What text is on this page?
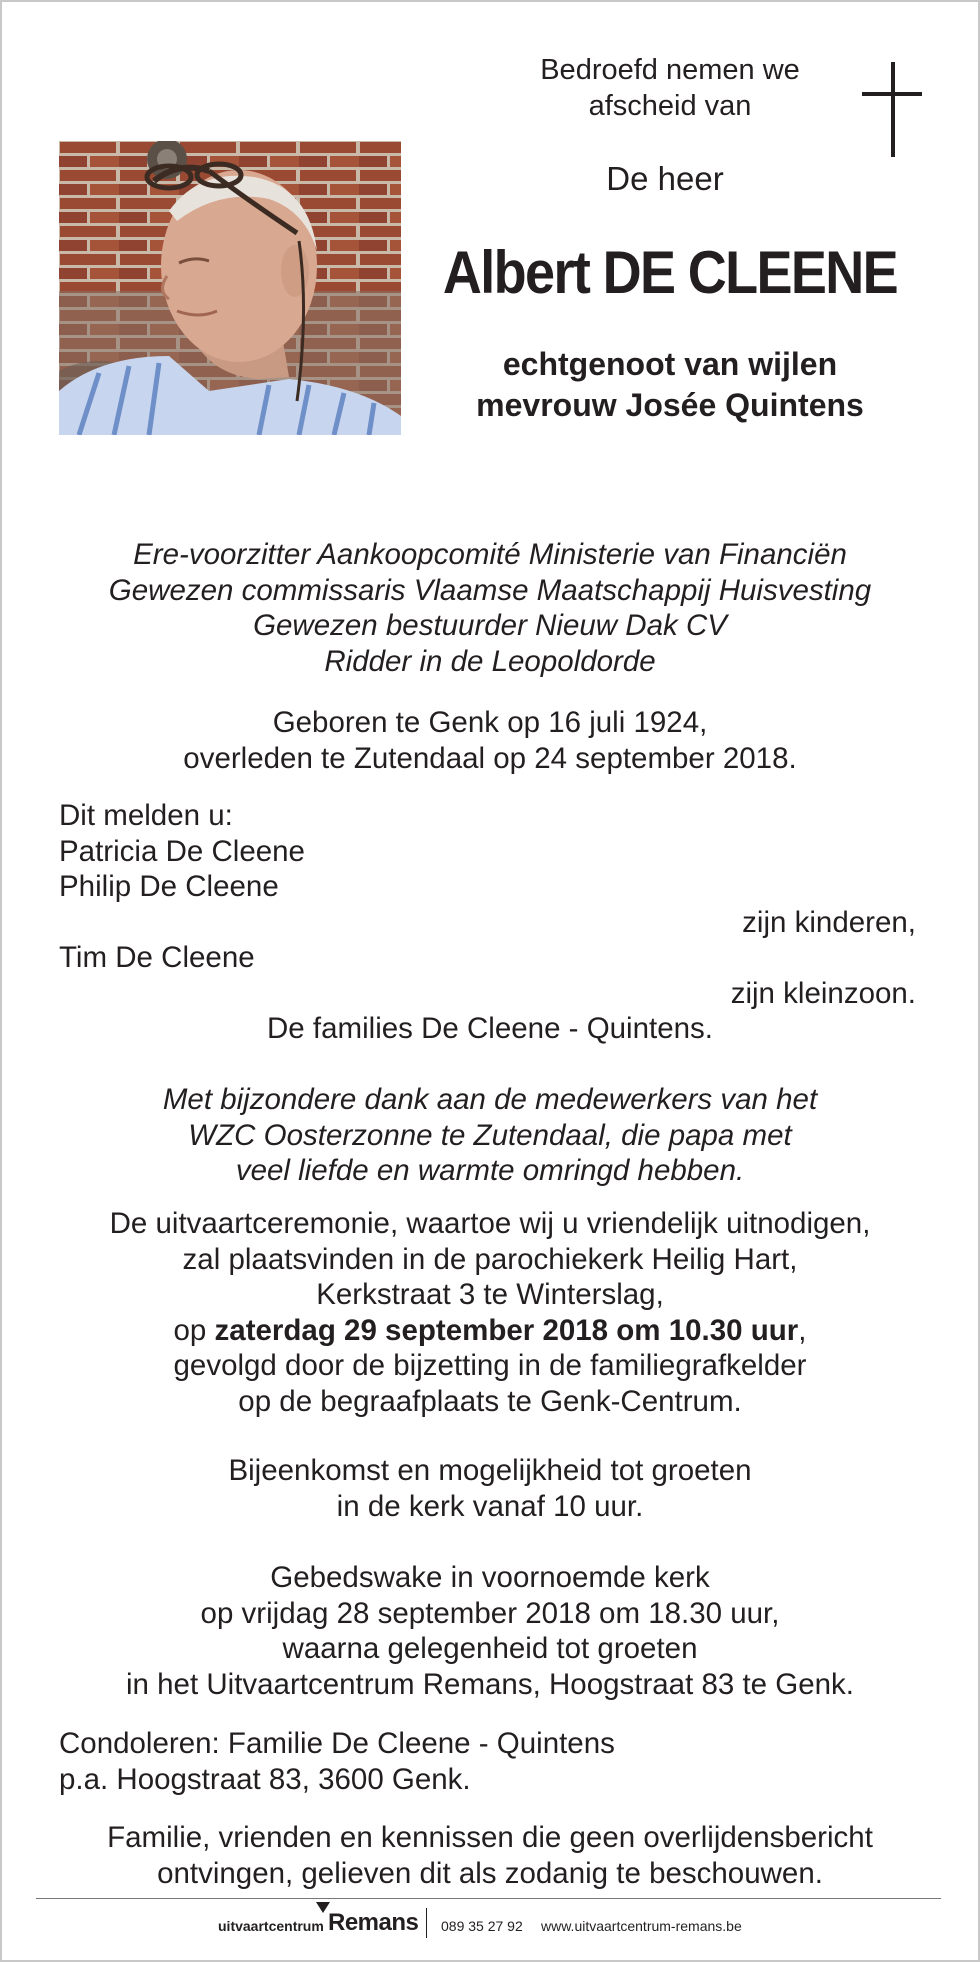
Bedroefd nemen we
afscheid van
De heer
Albert DE CLEENE
echtgenoot van wijlen
mevrouw Josée Quintens
Ere-voorzitter Aankoopcomité Ministerie van Financiën
Gewezen commissaris Vlaamse Maatschappij Huisvesting
Gewezen bestuurder Nieuw Dak CV
Ridder in de Leopoldorde
Geboren te Genk op 16 juli 1924,
overleden te Zutendaal op 24 september 2018.
Dit melden u:
Patricia De Cleene
Philip De Cleene
zijn kinderen,
Tim De Cleene
zijn kleinzoon.
De families De Cleene - Quintens.
Met bijzondere dank aan de medewerkers van het
WZC Oosterzonne te Zutendaal, die papa met
veel liefde en warmte omringd hebben.
De uitvaartceremonie, waartoe wij u vriendelijk uitnodigen,
zal plaatsvinden in de parochiekerk Heilig Hart,
Kerkstraat 3 te Winterslag,
op zaterdag 29 september 2018 om 10.30 uur,
gevolgd door de bijzetting in de familiegrafkelder
op de begraafplaats te Genk-Centrum.
Bijeenkomst en mogelijkheid tot groeten
in de kerk vanaf 10 uur.
Gebedswake in voornoemde kerk
op vrijdag 28 september 2018 om 18.30 uur,
waarna gelegenheid tot groeten
in het Uitvaartcentrum Remans, Hoogstraat 83 te Genk.
Condoleren: Familie De Cleene - Quintens
p.a. Hoogstraat 83, 3600 Genk.
Familie, vrienden en kennissen die geen overlijdensbericht
ontvingen, gelieven dit als zodanig te beschouwen.
uitvaartcentrum Remans 089 35 27 92 www.uitvaartcentrum-remans.be
